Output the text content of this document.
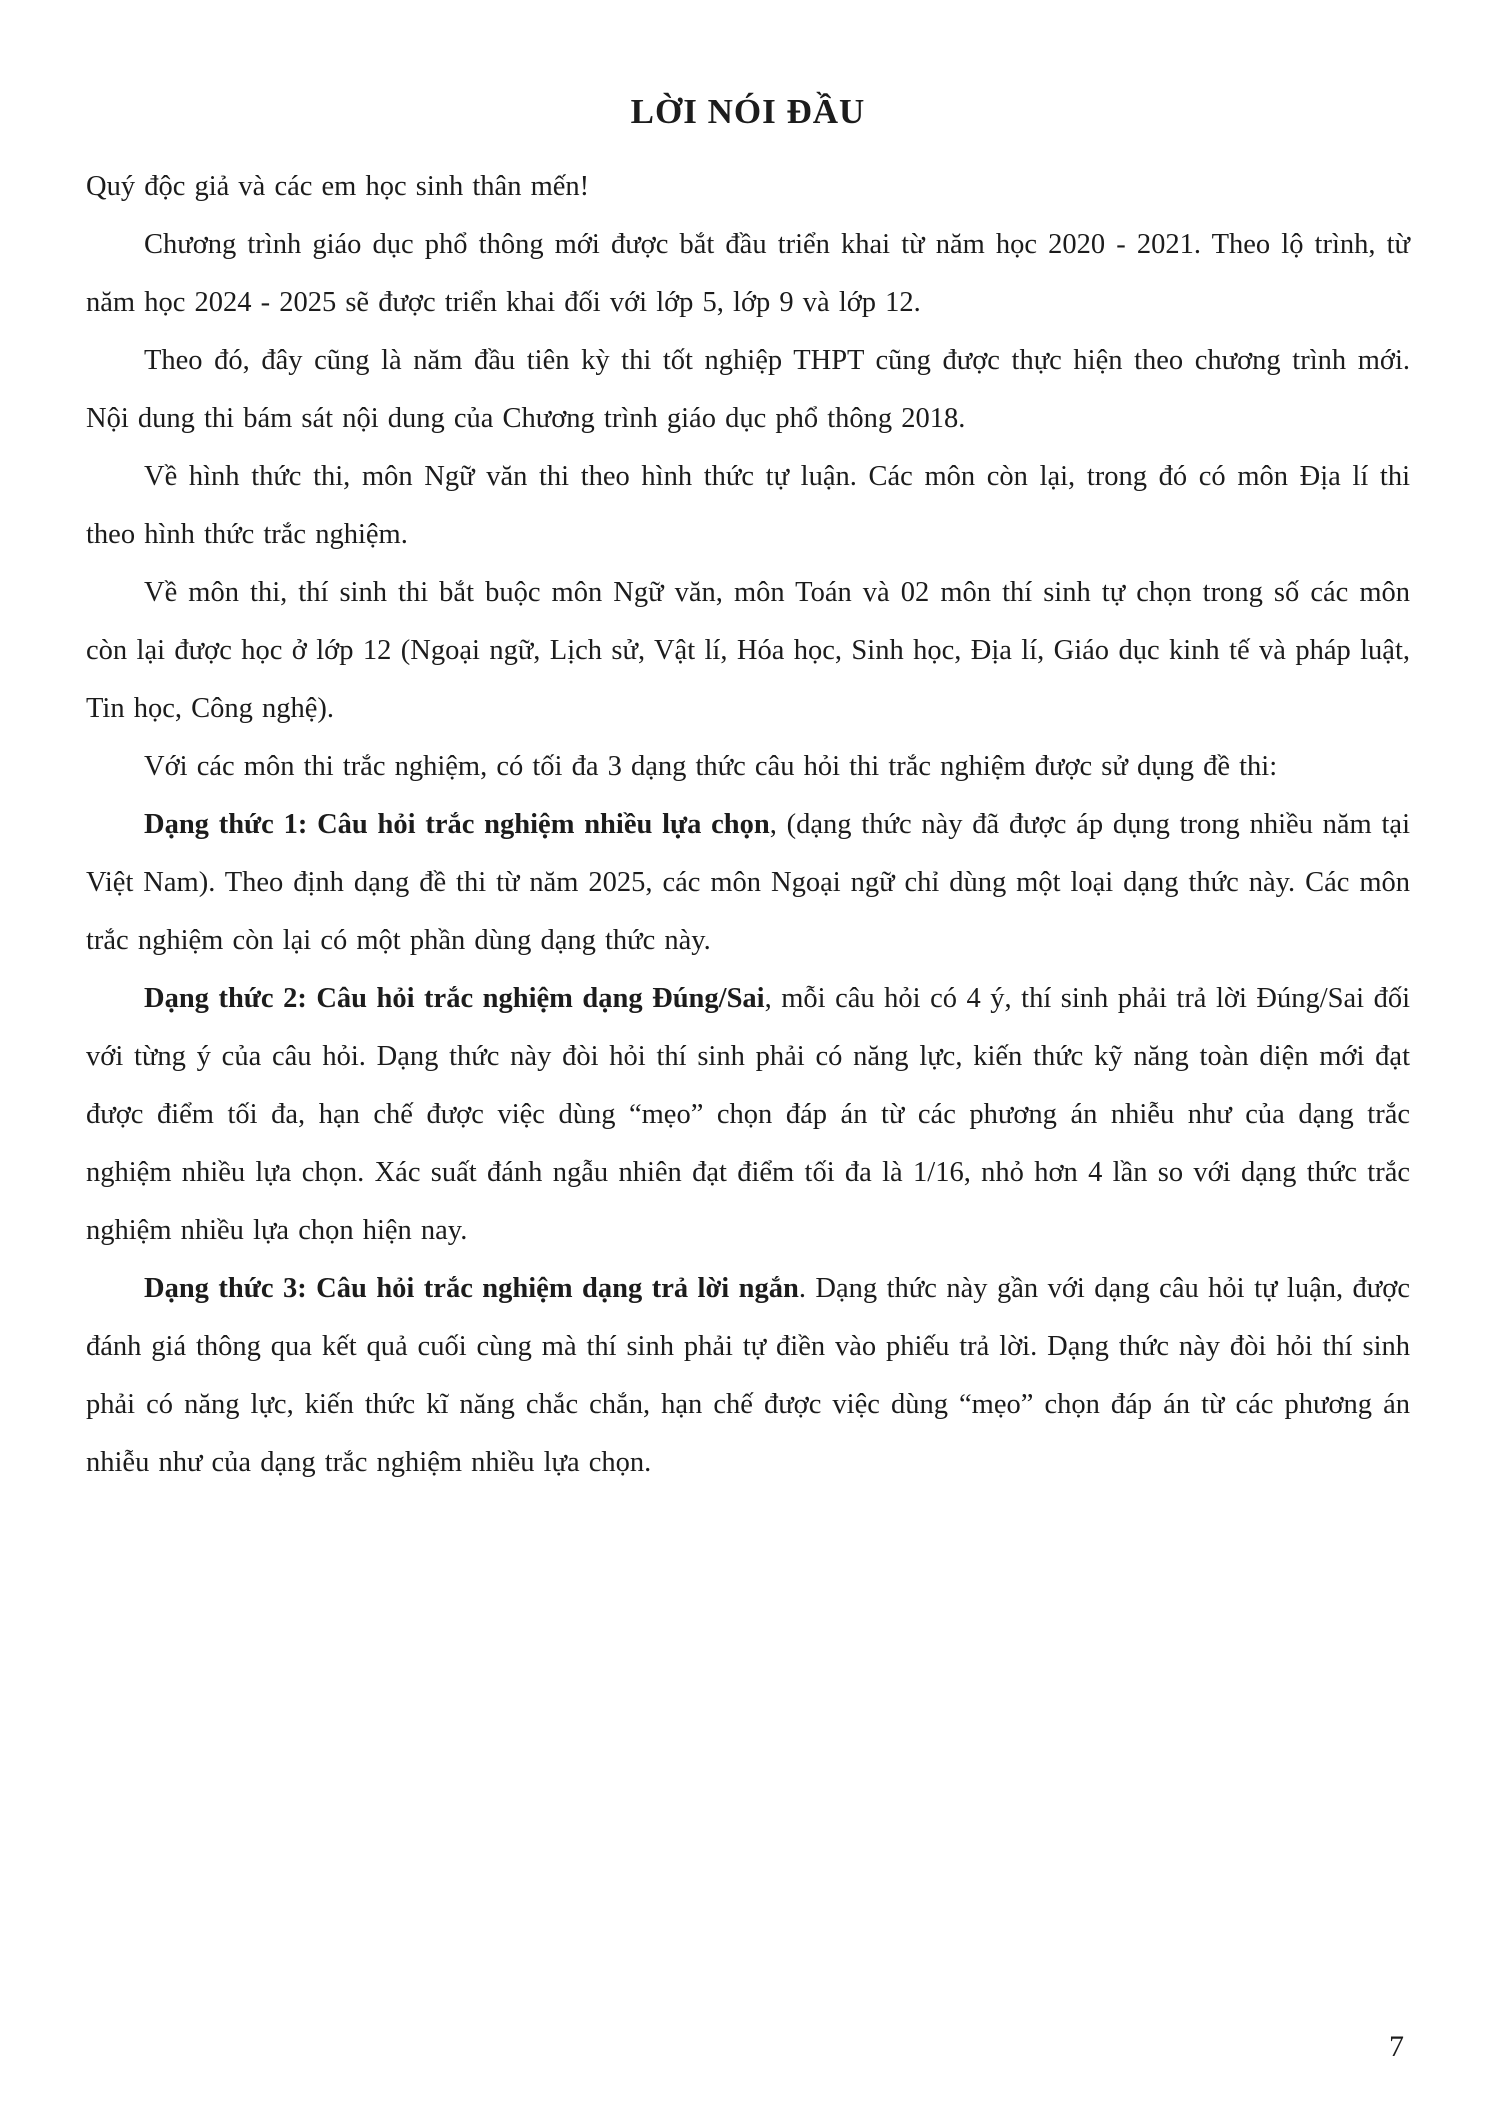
LỜI NÓI ĐẦU

Quý độc giả và các em học sinh thân mến!

Chương trình giáo dục phổ thông mới được bắt đầu triển khai từ năm học 2020 - 2021. Theo lộ trình, từ năm học 2024 - 2025 sẽ được triển khai đối với lớp 5, lớp 9 và lớp 12.

Theo đó, đây cũng là năm đầu tiên kỳ thi tốt nghiệp THPT cũng được thực hiện theo chương trình mới. Nội dung thi bám sát nội dung của Chương trình giáo dục phổ thông 2018.

Về hình thức thi, môn Ngữ văn thi theo hình thức tự luận. Các môn còn lại, trong đó có môn Địa lí thi theo hình thức trắc nghiệm.

Về môn thi, thí sinh thi bắt buộc môn Ngữ văn, môn Toán và 02 môn thí sinh tự chọn trong số các môn còn lại được học ở lớp 12 (Ngoại ngữ, Lịch sử, Vật lí, Hóa học, Sinh học, Địa lí, Giáo dục kinh tế và pháp luật, Tin học, Công nghệ).

Với các môn thi trắc nghiệm, có tối đa 3 dạng thức câu hỏi thi trắc nghiệm được sử dụng đề thi:

Dạng thức 1: Câu hỏi trắc nghiệm nhiều lựa chọn, (dạng thức này đã được áp dụng trong nhiều năm tại Việt Nam). Theo định dạng đề thi từ năm 2025, các môn Ngoại ngữ chỉ dùng một loại dạng thức này. Các môn trắc nghiệm còn lại có một phần dùng dạng thức này.

Dạng thức 2: Câu hỏi trắc nghiệm dạng Đúng/Sai, mỗi câu hỏi có 4 ý, thí sinh phải trả lời Đúng/Sai đối với từng ý của câu hỏi. Dạng thức này đòi hỏi thí sinh phải có năng lực, kiến thức kỹ năng toàn diện mới đạt được điểm tối đa, hạn chế được việc dùng “mẹo” chọn đáp án từ các phương án nhiễu như của dạng trắc nghiệm nhiều lựa chọn. Xác suất đánh ngẫu nhiên đạt điểm tối đa là 1/16, nhỏ hơn 4 lần so với dạng thức trắc nghiệm nhiều lựa chọn hiện nay.

Dạng thức 3: Câu hỏi trắc nghiệm dạng trả lời ngắn. Dạng thức này gần với dạng câu hỏi tự luận, được đánh giá thông qua kết quả cuối cùng mà thí sinh phải tự điền vào phiếu trả lời. Dạng thức này đòi hỏi thí sinh phải có năng lực, kiến thức kĩ năng chắc chắn, hạn chế được việc dùng “mẹo” chọn đáp án từ các phương án nhiễu như của dạng trắc nghiệm nhiều lựa chọn.

7
